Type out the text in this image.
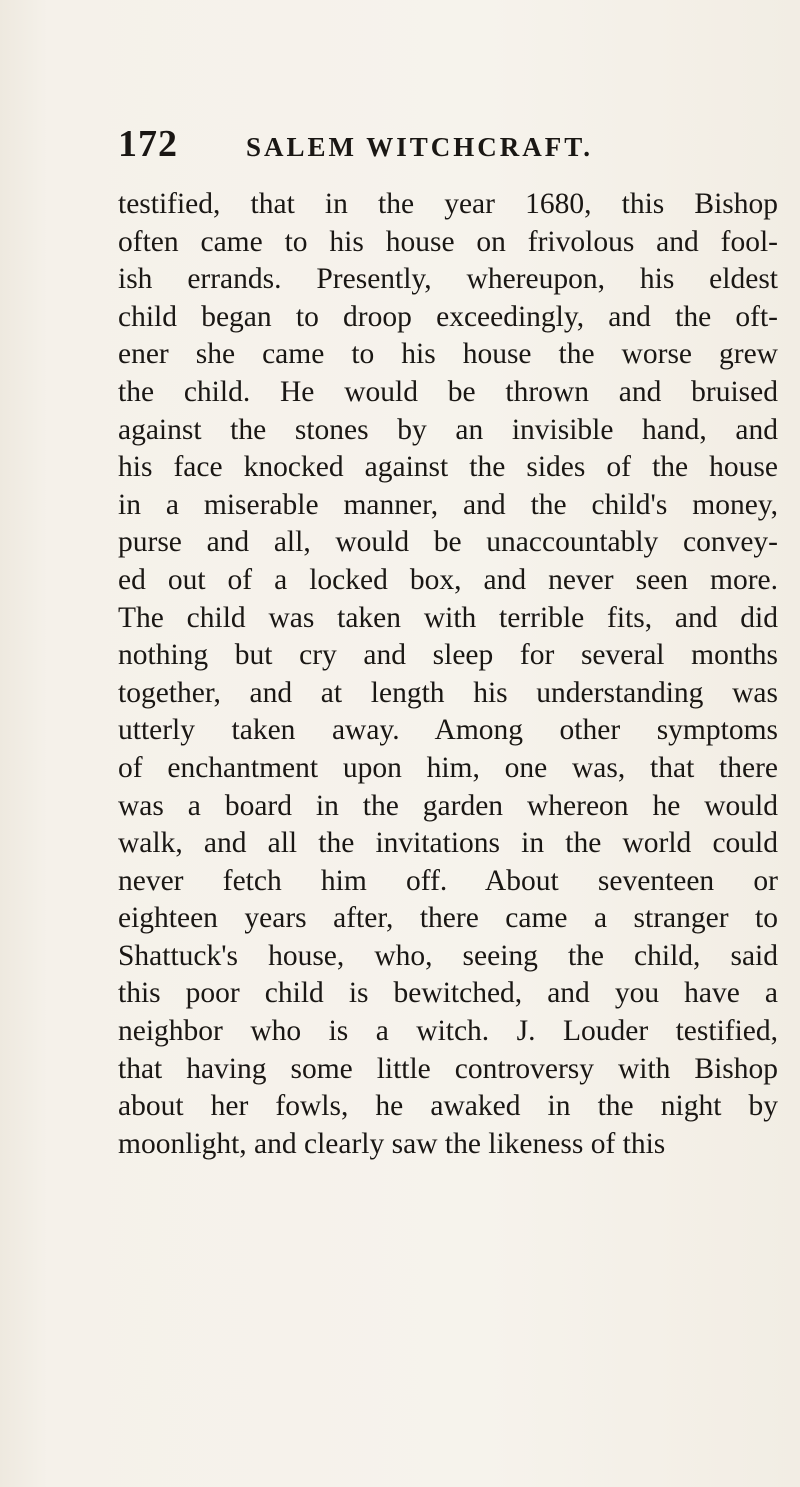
172	SALEM WITCHCRAFT.
testified, that in the year 1680, this Bishop
often came to his house on frivolous and fool-
ish errands. Presently, whereupon, his eldest
child began to droop exceedingly, and the oft-
ener she came to his house the worse grew
the child. He would be thrown and bruised
against the stones by an invisible hand, and
his face knocked against the sides of the house
in a miserable manner, and the child's money,
purse and all, would be unaccountably convey-
ed out of a locked box, and never seen more.
The child was taken with terrible fits, and did
nothing but cry and sleep for several months
together, and at length his understanding was
utterly taken away. Among other symptoms
of enchantment upon him, one was, that there
was a board in the garden whereon he would
walk, and all the invitations in the world could
never fetch him off. About seventeen or
eighteen years after, there came a stranger to
Shattuck's house, who, seeing the child, said
this poor child is bewitched, and you have a
neighbor who is a witch. J. Louder testified,
that having some little controversy with Bishop
about her fowls, he awaked in the night by
moonlight, and clearly saw the likeness of this
